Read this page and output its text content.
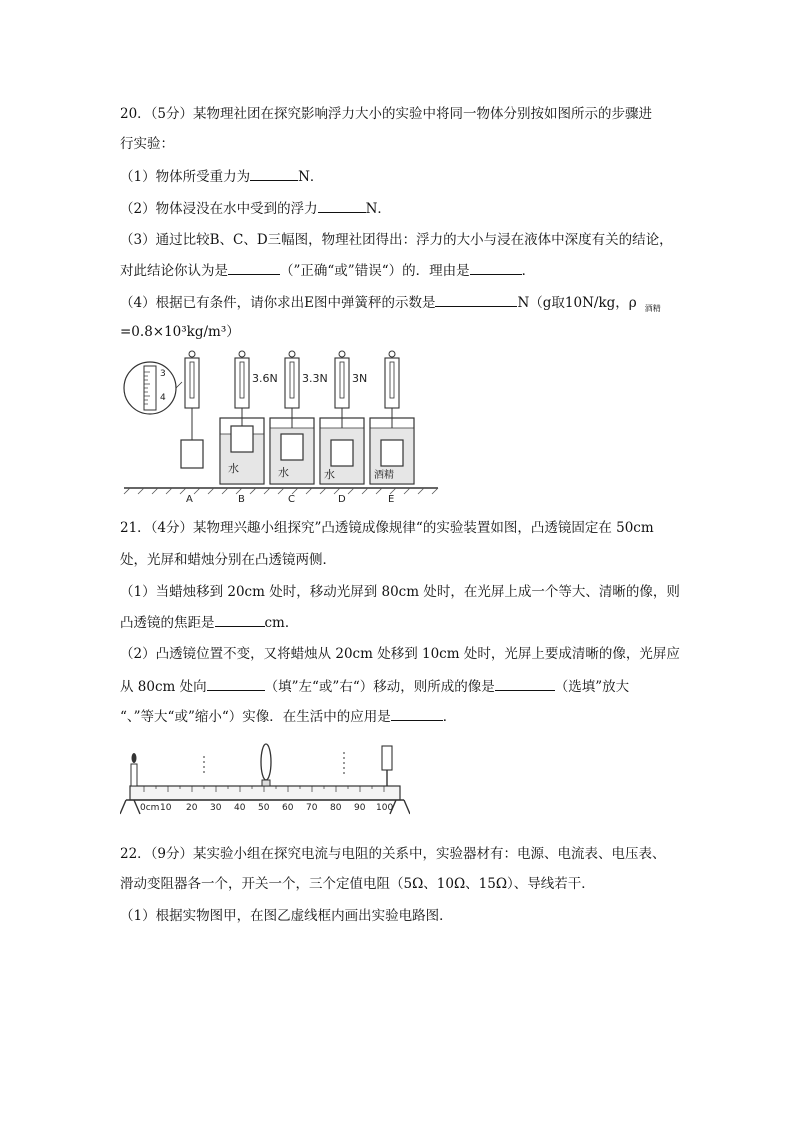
20．（5分）某物理社团在探究影响浮力大小的实验中将同一物体分别按如图所示的步骤进
行实验：
（1）物体所受重力为	N．
（2）物体浸没在水中受到的浮力	N．
（3）通过比较B、C、D三幅图，物理社团得出：浮力的大小与浸在液体中深度有关的结论，
对此结论你认为是	（”正确“或”错误“）的．理由是	．
（4）根据已有条件，请你求出E图中弹簧秤的示数是	N（g取10N/kg，ρ $_{酒精}$
=0.8×10³kg/m³）
3
4
3.6N
水
3.3N
水
3N
水	酒精
A	B	C	D	E
21．（4分）某物理兴趣小组探究”凸透镜成像规律“的实验装置如图，凸透镜固定在 50cm
处，光屏和蜡烛分别在凸透镜两侧．
（1）当蜡烛移到 20cm 处时，移动光屏到 80cm 处时，在光屏上成一个等大、清晰的像，则
凸透镜的焦距是	cm．
（2）凸透镜位置不变，又将蜡烛从 20cm 处移到 10cm 处时，光屏上要成清晰的像，光屏应
从 80cm 处向	（填”左“或”右“）移动，则所成的像是	（选填”放大
“、”等大“或”缩小“）实像．在生活中的应用是	．
0cm 10 20 30 40 50 60 70 80 90 100
22．（9分）某实验小组在探究电流与电阻的关系中，实验器材有：电源、电流表、电压表、
滑动变阻器各一个，开关一个，三个定值电阻（5Ω、10Ω、15Ω）、导线若干．
（1）根据实物图甲，在图乙虚线框内画出实验电路图．
